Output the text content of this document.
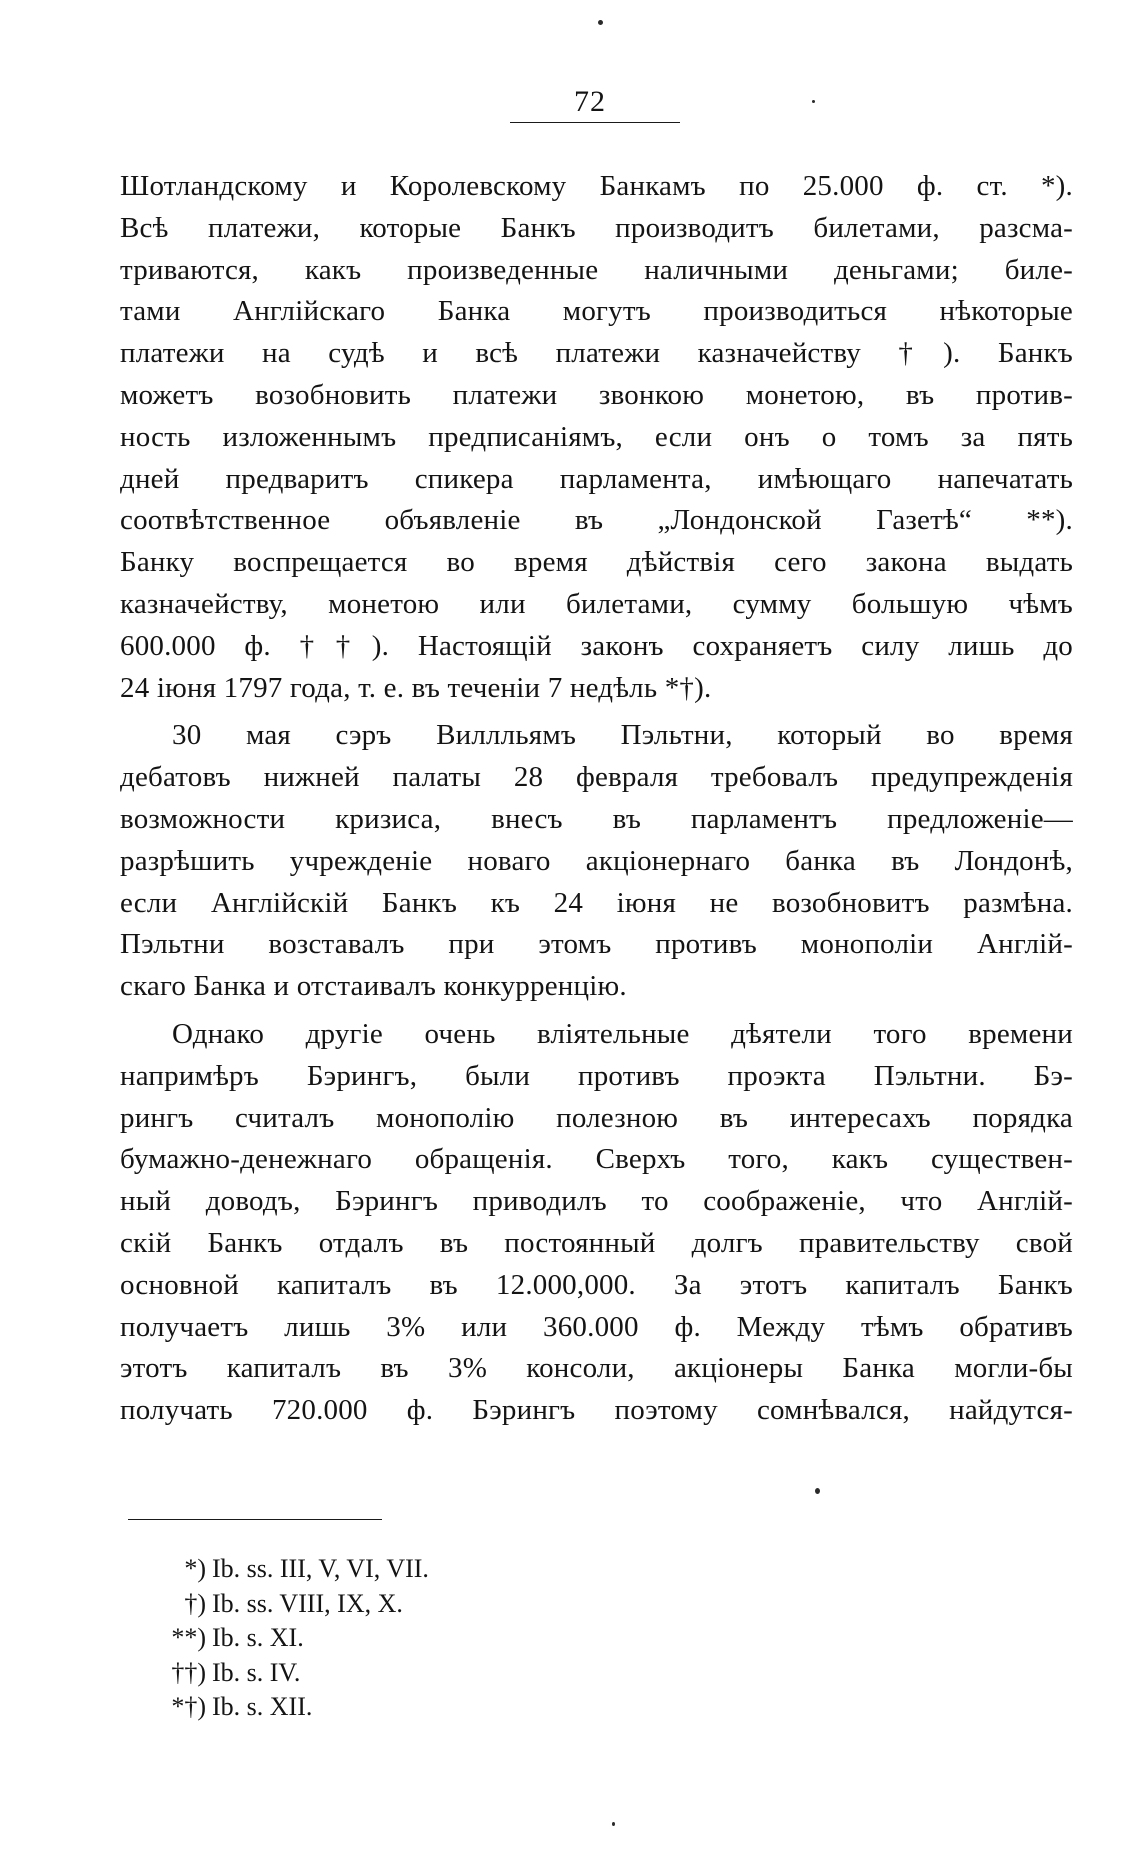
72
Шотландскому и Королевскому Банкамъ по 25.000 ф. ст. *).
Всѣ платежи, которые Банкъ производитъ билетами, разсма-
триваются, какъ произведенные наличными деньгами; биле-
тами Англійскаго Банка могутъ производиться нѣкоторые
платежи на судѣ и всѣ платежи казначейству †). Банкъ
можетъ возобновить платежи звонкою монетою, въ против-
ность изложеннымъ предписаніямъ, если онъ о томъ за пять
дней предваритъ спикера парламента, имѣющаго напечатать
соотвѣтственное объявленіе въ „Лондонской Газетѣ“ **).
Банку воспрещается во время дѣйствія сего закона выдать
казначейству, монетою или билетами, сумму большую чѣмъ
600.000 ф. ††). Настоящій законъ сохраняетъ силу лишь до
24 іюня 1797 года, т. е. въ теченіи 7 недѣль *†).
30 мая сэръ Виллльямъ Пэльтни, который во время
дебатовъ нижней палаты 28 февраля требовалъ предупрежденія
возможности кризиса, внесъ въ парламентъ предложеніе—
разрѣшить учрежденіе новаго акціонернаго банка въ Лондонѣ,
если Англійскій Банкъ къ 24 іюня не возобновитъ размѣна.
Пэльтни возставалъ при этомъ противъ монополіи Англій-
скаго Банка и отстаивалъ конкурренцію.
Однако другіе очень вліятельные дѣятели того времени
напримѣръ Бэрингъ, были противъ проэкта Пэльтни. Бэ-
рингъ считалъ монополію полезною въ интересахъ порядка
бумажно-денежнаго обращенія. Сверхъ того, какъ существен-
ный доводъ, Бэрингъ приводилъ то соображеніе, что Англій-
скій Банкъ отдалъ въ постоянный долгъ правительству свой
основной капиталъ въ 12.000,000. За этотъ капиталъ Банкъ
получаетъ лишь 3% или 360.000 ф. Между тѣмъ обративъ
этотъ капиталъ въ 3% консоли, акціонеры Банка могли-бы
получать 720.000 ф. Бэрингъ поэтому сомнѣвался, найдутся-
*) Ib. ss. III, V, VI, VII.
†) Ib. ss. VIII, IX, X.
**) Ib. s. XI.
††) Ib. s. IV.
*†) Ib. s. XII.
